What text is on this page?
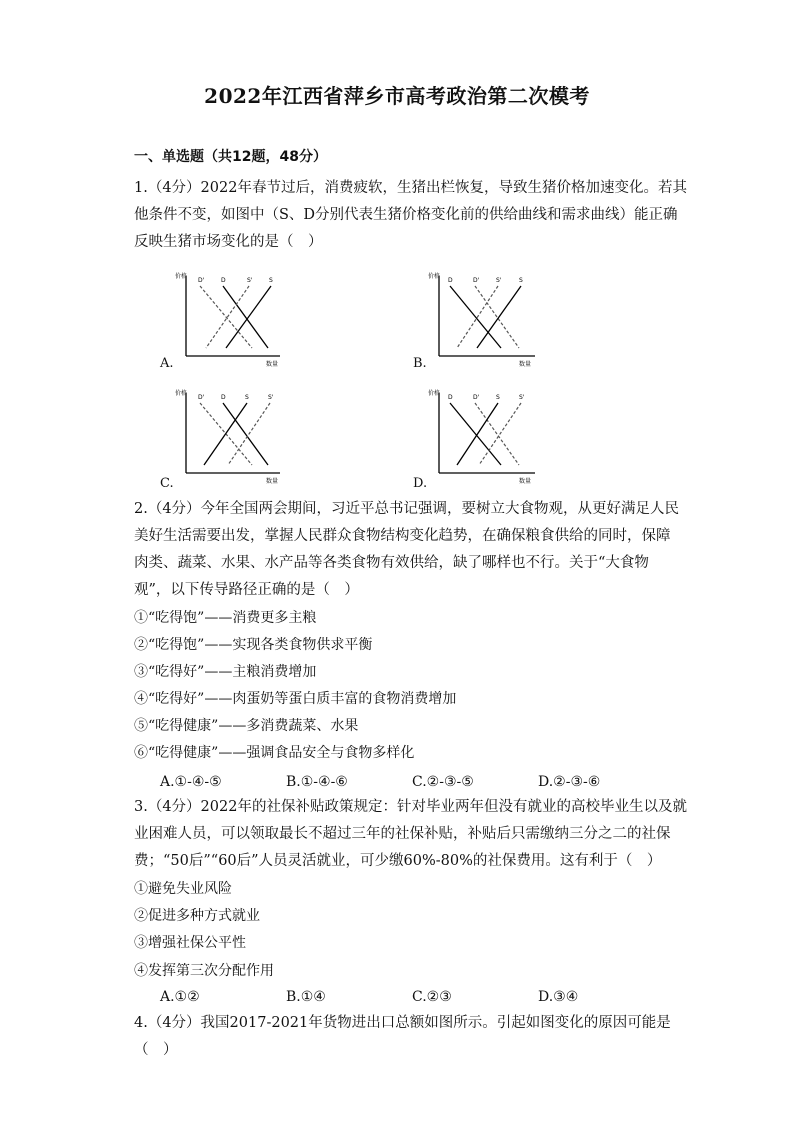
2022年江西省萍乡市高考政治第二次模考
一、单选题（共12题，48分）
1.（4分）2022年春节过后，消费疲软，生猪出栏恢复，导致生猪价格加速变化。若其
他条件不变，如图中（S、D分别代表生猪价格变化前的供给曲线和需求曲线）能正确
反映生猪市场变化的是（　）
价格
数量
D'	D	S'	S
A.
价格
数量
D	D'	S'	S
B.
价格
数量
D'	D	S	S'
C.
价格
数量
D	D'	S	S'
D.
2.（4分）今年全国两会期间，习近平总书记强调，要树立大食物观，从更好满足人民
美好生活需要出发，掌握人民群众食物结构变化趋势，在确保粮食供给的同时，保障
肉类、蔬菜、水果、水产品等各类食物有效供给，缺了哪样也不行。关于“大食物
观”，以下传导路径正确的是（　）
①“吃得饱”——消费更多主粮
②“吃得饱”——实现各类食物供求平衡
③“吃得好”——主粮消费增加
④“吃得好”——肉蛋奶等蛋白质丰富的食物消费增加
⑤“吃得健康”——多消费蔬菜、水果
⑥“吃得健康”——强调食品安全与食物多样化
A.①-④-⑤	B.①-④-⑥	C.②-③-⑤	D.②-③-⑥
3.（4分）2022年的社保补贴政策规定：针对毕业两年但没有就业的高校毕业生以及就
业困难人员，可以领取最长不超过三年的社保补贴，补贴后只需缴纳三分之二的社保
费；“50后”“60后”人员灵活就业，可少缴60%-80%的社保费用。这有利于（　）
①避免失业风险
②促进多种方式就业
③增强社保公平性
④发挥第三次分配作用
A.①②	B.①④	C.②③	D.③④
4.（4分）我国2017-2021年货物进出口总额如图所示。引起如图变化的原因可能是
（　）
